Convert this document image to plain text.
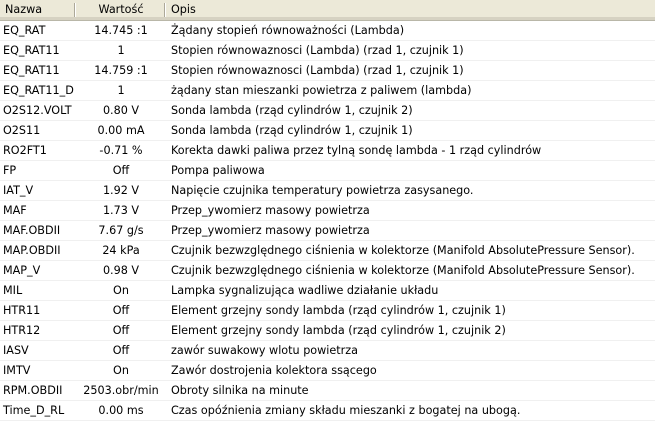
Nazwa	Wartość	Opis
EQ_RAT	14.745 :1	Żądany stopień równoważności (Lambda)
EQ_RAT11	1	Stopien równowaznosci (Lambda) (rzad 1, czujnik 1)
EQ_RAT11	14.759 :1	Stopien równowaznosci (Lambda) (rzad 1, czujnik 1)
EQ_RAT11_D	1	żądany stan mieszanki powietrza z paliwem (lambda)
O2S12.VOLT	0.80 V	Sonda lambda (rząd cylindrów 1, czujnik 2)
O2S11	0.00 mA	Sonda lambda (rząd cylindrów 1, czujnik 1)
RO2FT1	-0.71 %	Korekta dawki paliwa przez tylną sondę lambda - 1 rząd cylindrów
FP	Off	Pompa paliwowa
IAT_V	1.92 V	Napięcie czujnika temperatury powietrza zasysanego.
MAF	1.73 V	Przep_ywomierz masowy powietrza
MAF.OBDII	7.67 g/s	Przep_ywomierz masowy powietrza
MAP.OBDII	24 kPa	Czujnik bezwzględnego ciśnienia w kolektorze (Manifold AbsolutePressure Sensor).
MAP_V	0.98 V	Czujnik bezwzględnego ciśnienia w kolektorze (Manifold AbsolutePressure Sensor).
MIL	On	Lampka sygnalizująca wadliwe działanie układu
HTR11	Off	Element grzejny sondy lambda (rząd cylindrów 1, czujnik 1)
HTR12	Off	Element grzejny sondy lambda (rząd cylindrów 1, czujnik 2)
IASV	Off	zawór suwakowy wlotu powietrza
IMTV	On	Zawór dostrojenia kolektora ssącego
RPM.OBDII	2503.obr/min	Obroty silnika na minute
Time_D_RL	0.00 ms	Czas opóźnienia zmiany składu mieszanki z bogatej na ubogą.
